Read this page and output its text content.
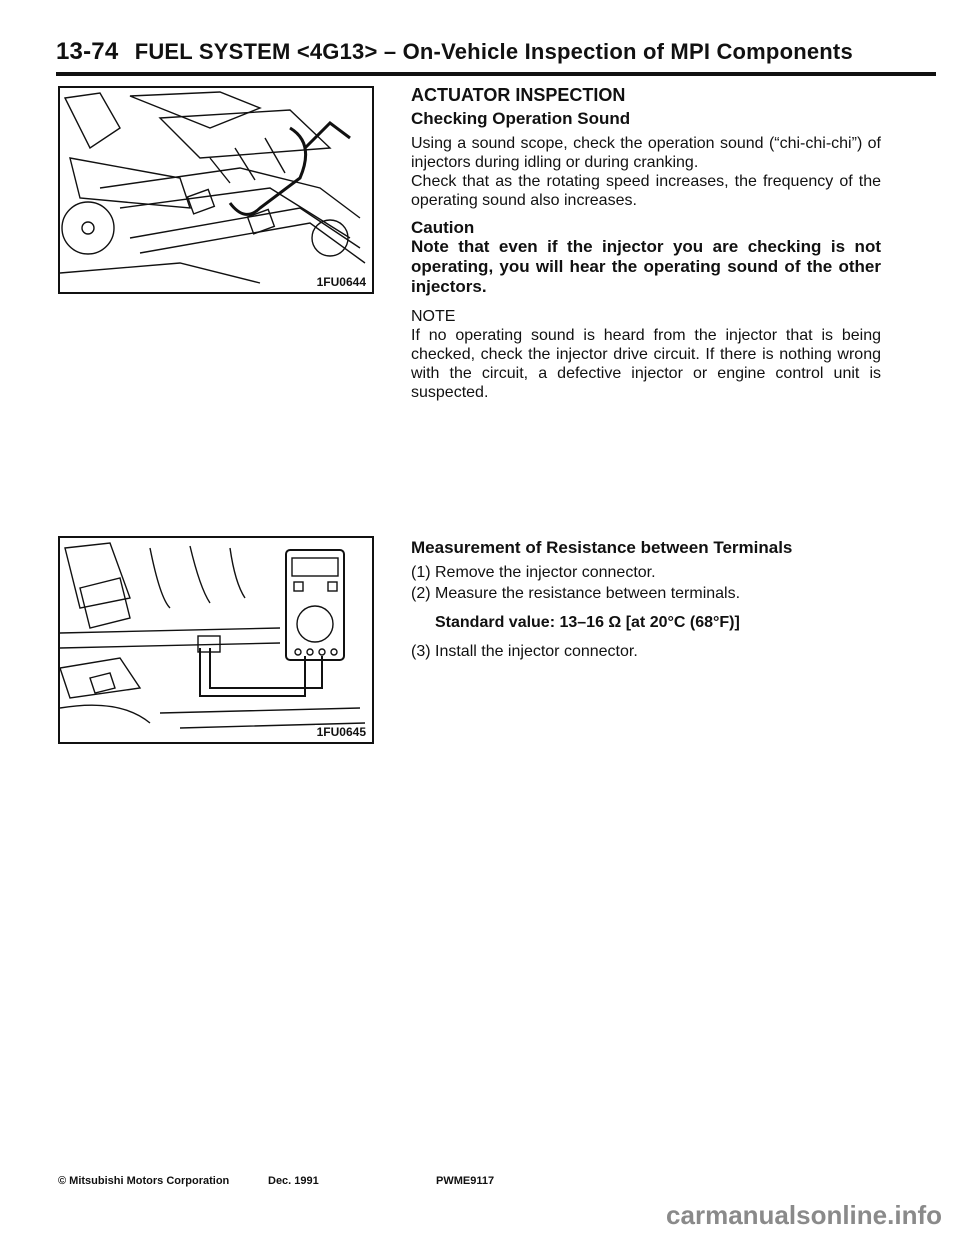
13-74 FUEL SYSTEM <4G13> – On-Vehicle Inspection of MPI Components
1FU0644
1FU0645

ACTUATOR INSPECTION

Checking Operation Sound

Using a sound scope, check the operation sound (“chi-chi-chi”) of injectors during idling or during cranking.

Check that as the rotating speed increases, the frequency of the operating sound also increases.

Caution

Note that even if the injector you are checking is not operating, you will hear the operating sound of the other injectors.

NOTE

If no operating sound is heard from the injector that is being checked, check the injector drive circuit. If there is nothing wrong with the circuit, a defective injector or engine control unit is suspected.

Measurement of Resistance between Terminals

(1) Remove the injector connector.

(2) Measure the resistance between terminals.

Standard value: 13–16 Ω [at 20°C (68°F)]

(3) Install the injector connector.

© Mitsubishi Motors Corporation	Dec. 1991	PWME9117
carmanualsonline.info
